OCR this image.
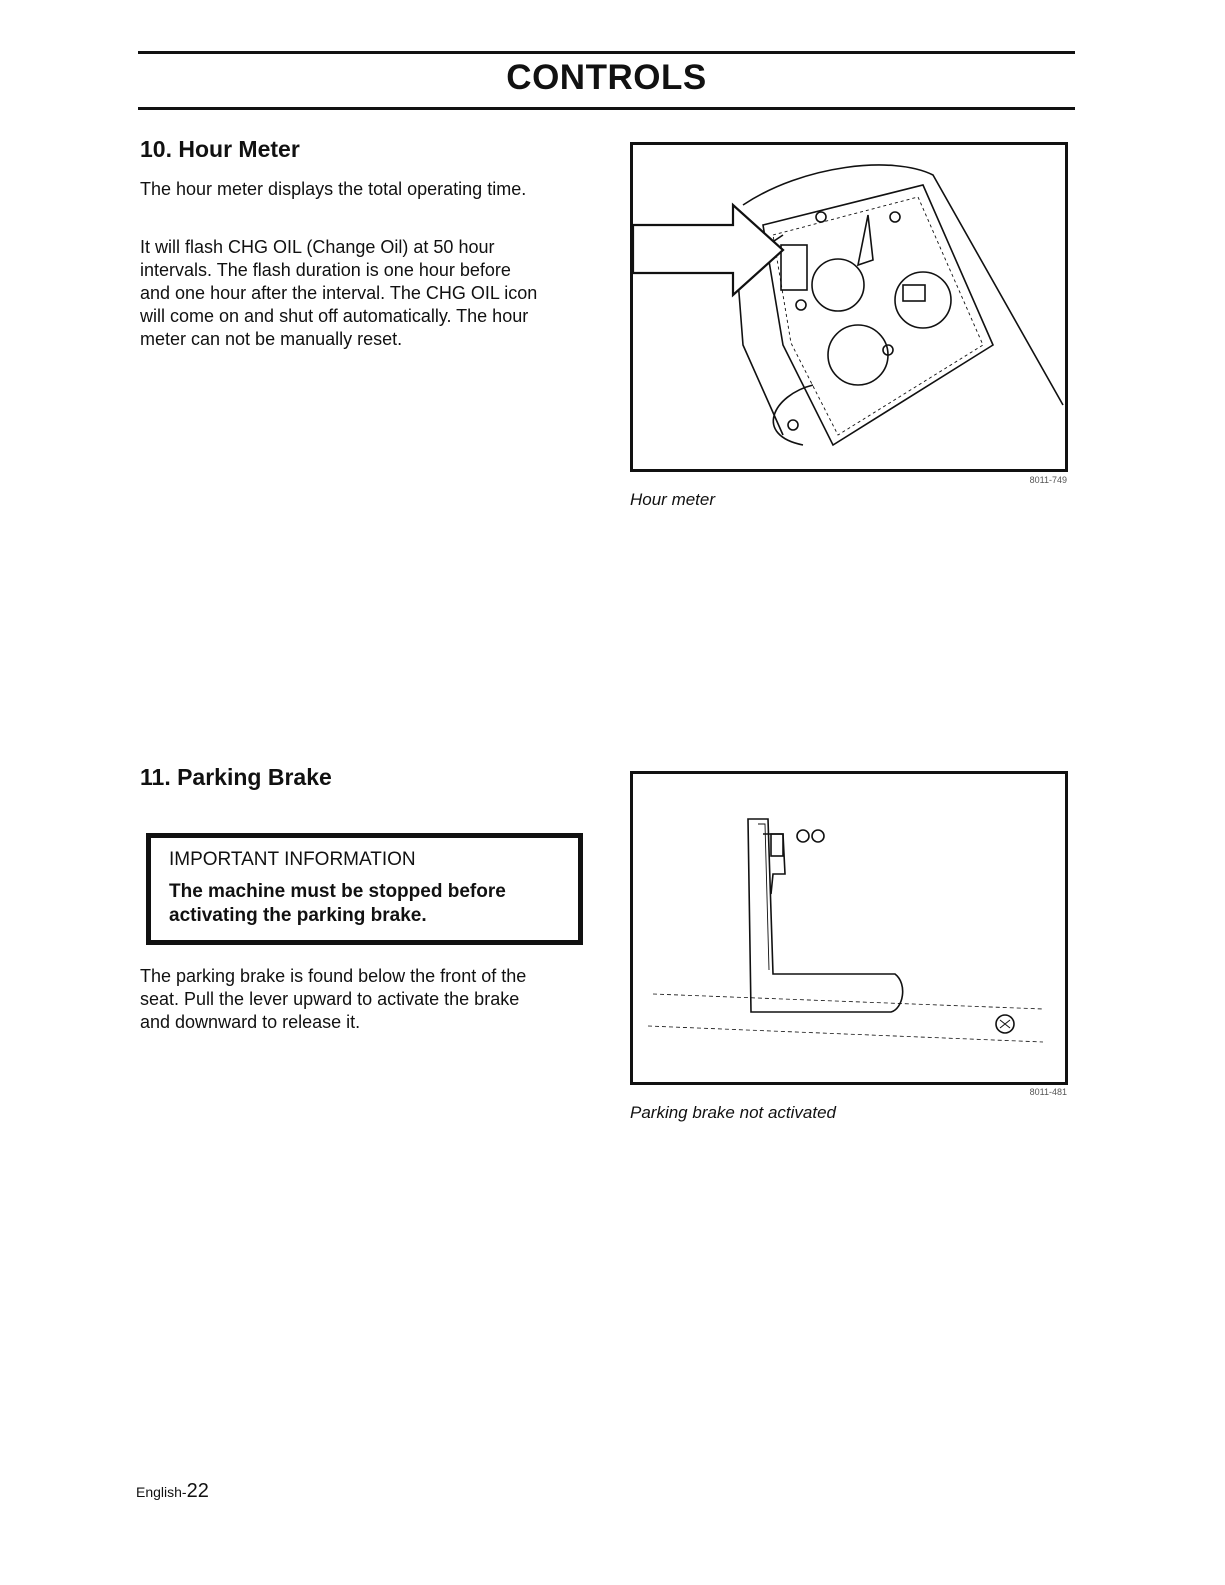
CONTROLS
10. Hour Meter

The hour meter displays the total operating time.

It will flash CHG OIL (Change Oil) at 50 hour intervals. The flash duration is one hour before and one hour after the interval. The CHG OIL icon will come on and shut off automatically. The hour meter can not be manually reset.

8011-749

Hour meter

11. Parking Brake

IMPORTANT INFORMATION

The machine must be stopped before activating the parking brake.

The parking brake is found below the front of the seat. Pull the lever upward to activate the brake and downward to release it.

8011-481

Parking brake not activated

English-22
